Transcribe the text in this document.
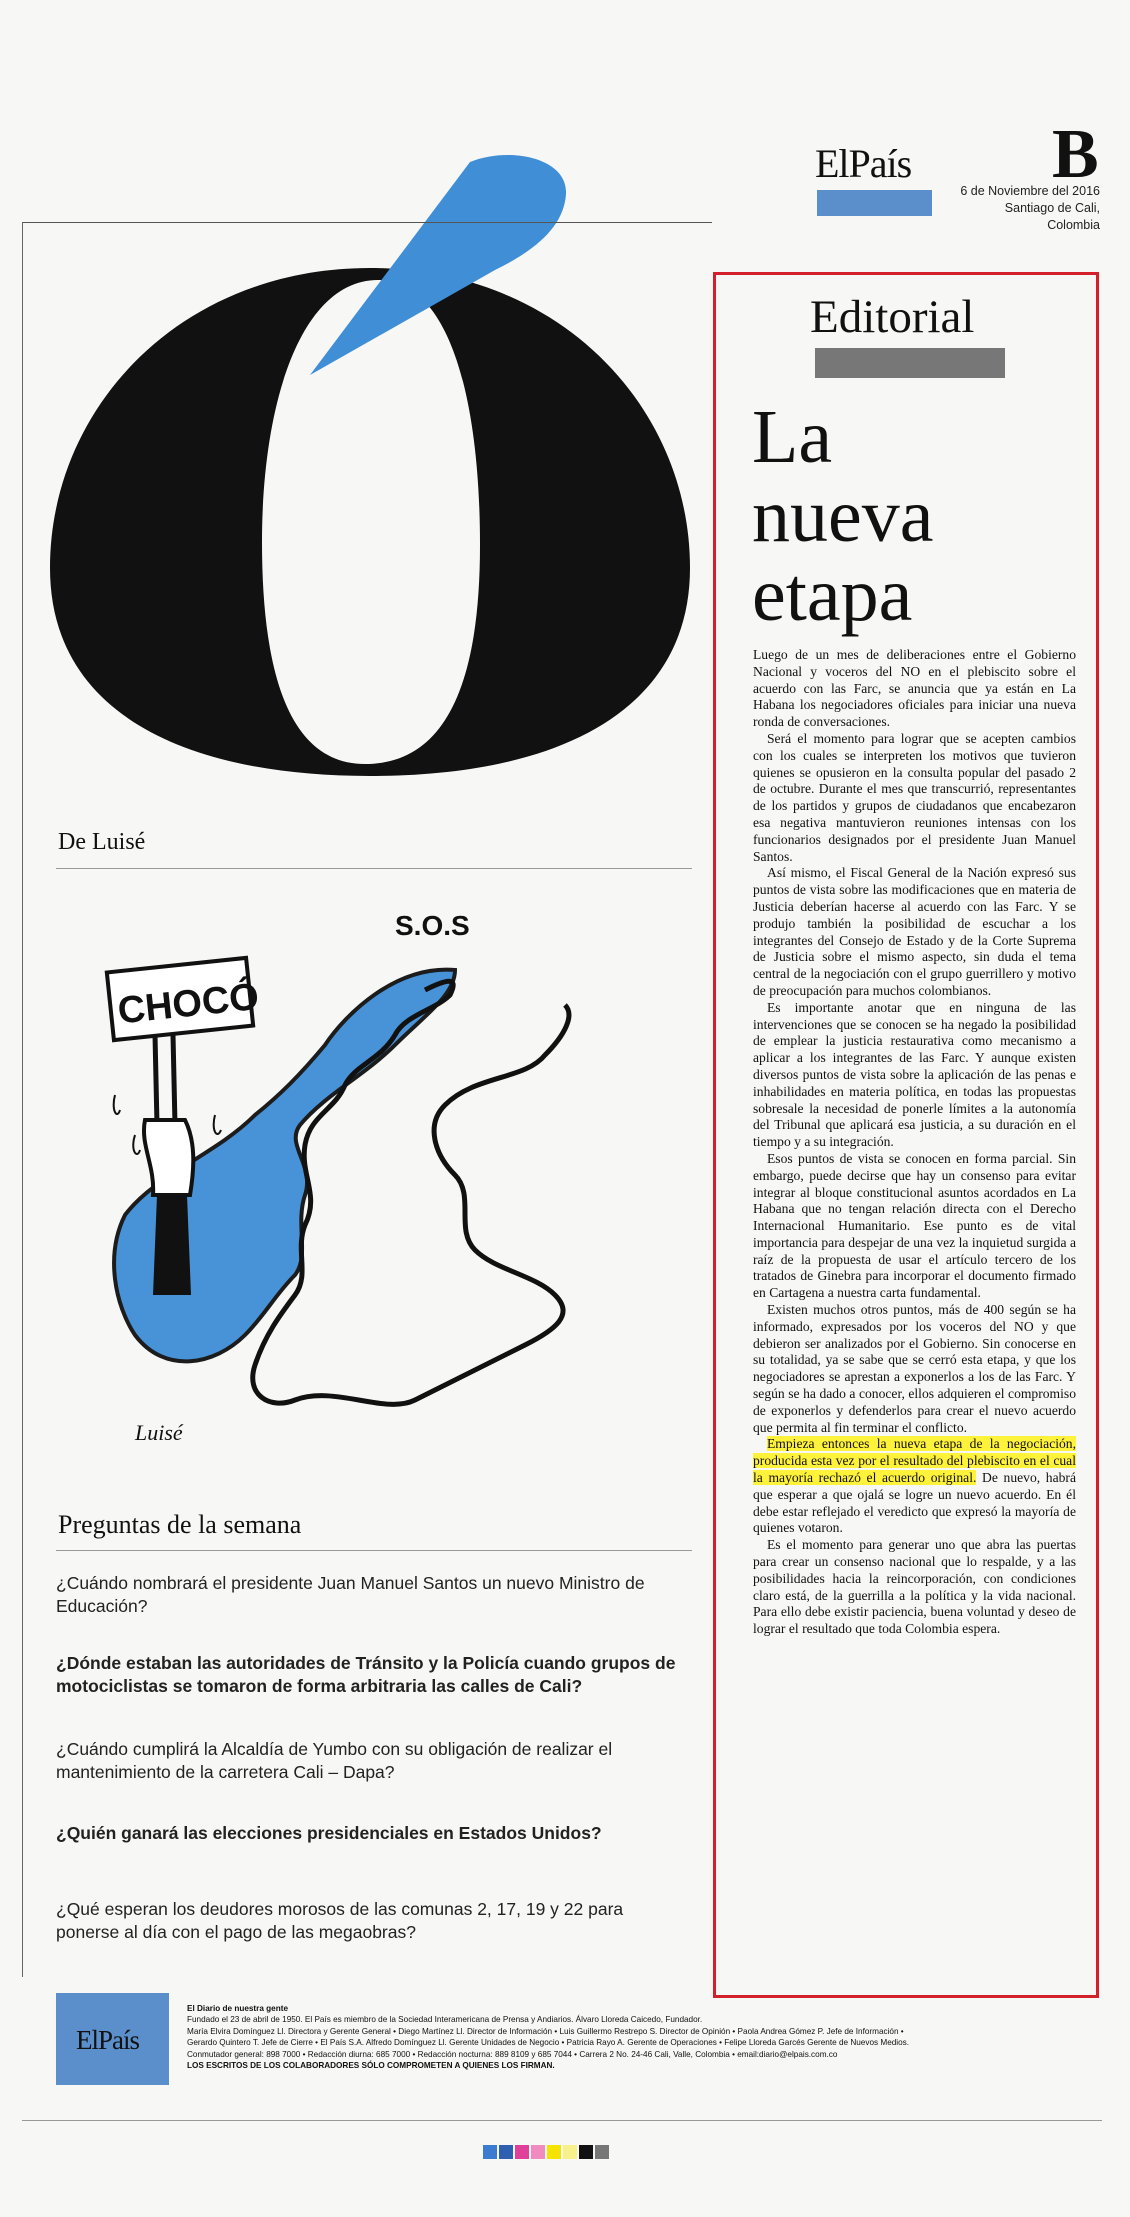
ElPaís B
6 de Noviembre del 2016
Santiago de Cali, Colombia
Editorial
La
nueva
etapa

Luego de un mes de deliberaciones entre el Gobierno Nacional y voceros del NO en el plebiscito sobre el acuerdo con las Farc, se anuncia que ya están en La Habana los negociadores oficiales para iniciar una nueva ronda de conversaciones.

Será el momento para lograr que se acepten cambios con los cuales se interpreten los motivos que tuvieron quienes se opusieron en la consulta popular del pasado 2 de octubre. Durante el mes que transcurrió, representantes de los partidos y grupos de ciudadanos que encabezaron esa negativa mantuvieron reuniones intensas con los funcionarios designados por el presidente Juan Manuel Santos.

Así mismo, el Fiscal General de la Nación expresó sus puntos de vista sobre las modificaciones que en materia de Justicia deberían hacerse al acuerdo con las Farc. Y se produjo también la posibilidad de escuchar a los integrantes del Consejo de Estado y de la Corte Suprema de Justicia sobre el mismo aspecto, sin duda el tema central de la negociación con el grupo guerrillero y motivo de preocupación para muchos colombianos.

Es importante anotar que en ninguna de las intervenciones que se conocen se ha negado la posibilidad de emplear la justicia restaurativa como mecanismo a aplicar a los integrantes de las Farc. Y aunque existen diversos puntos de vista sobre la aplicación de las penas e inhabilidades en materia política, en todas las propuestas sobresale la necesidad de ponerle límites a la autonomía del Tribunal que aplicará esa justicia, a su duración en el tiempo y a su integración.

Esos puntos de vista se conocen en forma parcial. Sin embargo, puede decirse que hay un consenso para evitar integrar al bloque constitucional asuntos acordados en La Habana que no tengan relación directa con el Derecho Internacional Humanitario. Ese punto es de vital importancia para despejar de una vez la inquietud surgida a raíz de la propuesta de usar el artículo tercero de los tratados de Ginebra para incorporar el documento firmado en Cartagena a nuestra carta fundamental.

Existen muchos otros puntos, más de 400 según se ha informado, expresados por los voceros del NO y que debieron ser analizados por el Gobierno. Sin conocerse en su totalidad, ya se sabe que se cerró esta etapa, y que los negociadores se aprestan a exponerlos a los de las Farc. Y según se ha dado a conocer, ellos adquieren el compromiso de exponerlos y defenderlos para crear el nuevo acuerdo que permita al fin terminar el conflicto.

Empieza entonces la nueva etapa de la negociación, producida esta vez por el resultado del plebiscito en el cual la mayoría rechazó el acuerdo original. De nuevo, habrá que esperar a que ojalá se logre un nuevo acuerdo. En él debe estar reflejado el veredicto que expresó la mayoría de quienes votaron.

Es el momento para generar uno que abra las puertas para crear un consenso nacional que lo respalde, y a las posibilidades hacia la reincorporación, con condiciones claro está, de la guerrilla a la política y la vida nacional. Para ello debe existir paciencia, buena voluntad y deseo de lograr el resultado que toda Colombia espera.

De Luisé
CHOCÓ
S.O.S
Luisé
Preguntas de la semana
¿Cuándo nombrará el presidente Juan Manuel Santos un nuevo Ministro de Educación?
¿Dónde estaban las autoridades de Tránsito y la Policía cuando grupos de motociclistas se tomaron de forma arbitraria las calles de Cali?
¿Cuándo cumplirá la Alcaldía de Yumbo con su obligación de realizar el mantenimiento de la carretera Cali – Dapa?
¿Quién ganará las elecciones presidenciales en Estados Unidos?
¿Qué esperan los deudores morosos de las comunas 2, 17, 19 y 22 para ponerse al día con el pago de las megaobras?
ElPaís
El Diario de nuestra gente
Fundado el 23 de abril de 1950. El País es miembro de la Sociedad Interamericana de Prensa y Andiarios. Álvaro Lloreda Caicedo, Fundador.
María Elvira Domínguez Ll. Directora y Gerente General • Diego Martínez Ll. Director de Información • Luis Guillermo Restrepo S. Director de Opinión • Paola Andrea Gómez P. Jefe de Información •
Gerardo Quintero T. Jefe de Cierre • El País S.A. Alfredo Domínguez Ll. Gerente Unidades de Negocio • Patricia Rayo A. Gerente de Operaciones • Felipe Lloreda Garcés Gerente de Nuevos Medios.
Conmutador general: 898 7000 • Redacción diurna: 685 7000 • Redacción nocturna: 889 8109 y 685 7044 • Carrera 2 No. 24-46 Cali, Valle, Colombia • email:diario@elpais.com.co
LOS ESCRITOS DE LOS COLABORADORES SÓLO COMPROMETEN A QUIENES LOS FIRMAN.
